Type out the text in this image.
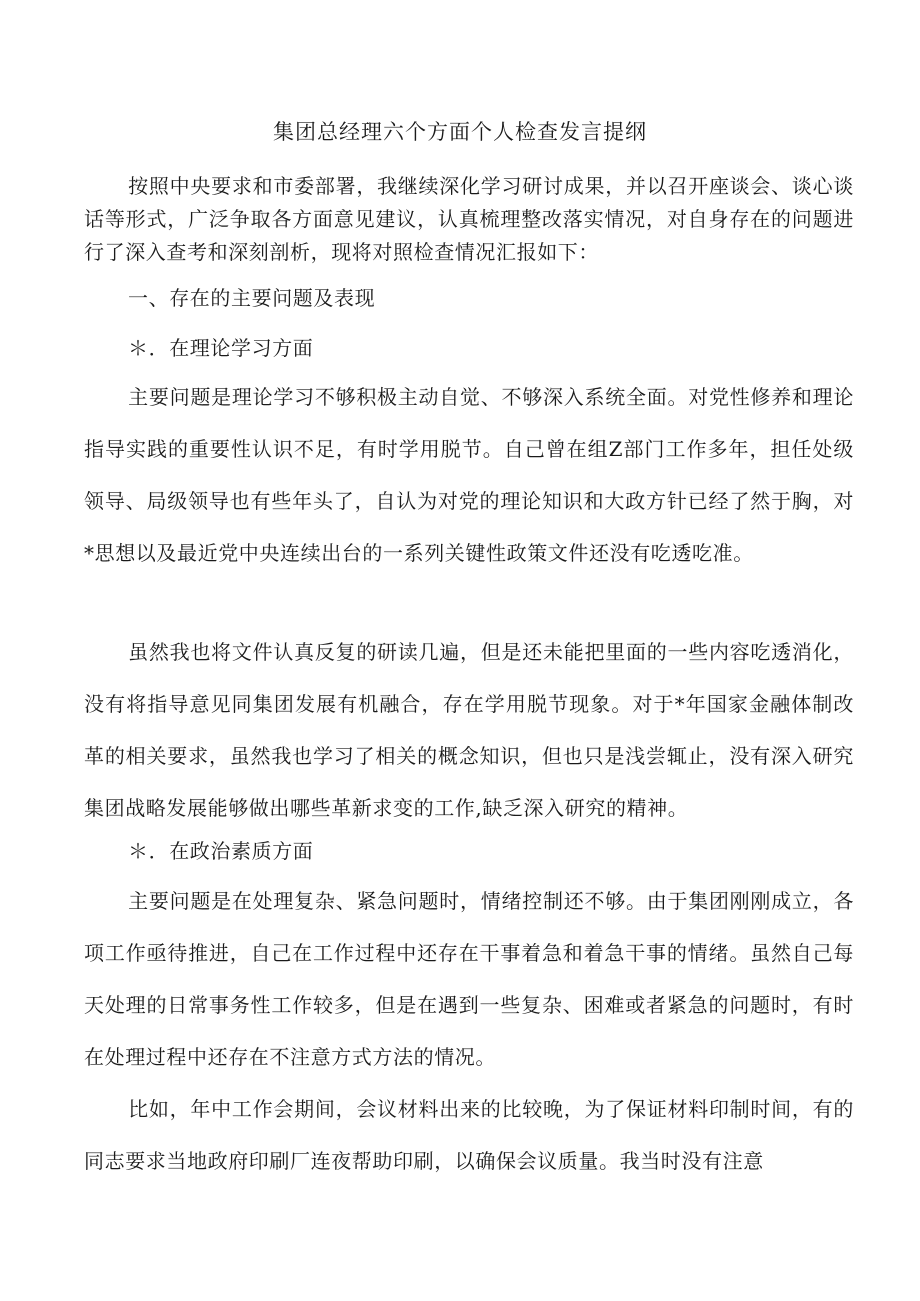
集团总经理六个方面个人检查发言提纲

按照中央要求和市委部署，我继续深化学习研讨成果，并以召开座谈会、谈心谈话等形式，广泛争取各方面意见建议，认真梳理整改落实情况，对自身存在的问题进行了深入查考和深刻剖析，现将对照检查情况汇报如下：

一、存在的主要问题及表现

＊．在理论学习方面

主要问题是理论学习不够积极主动自觉、不够深入系统全面。对党性修养和理论指导实践的重要性认识不足，有时学用脱节。自己曾在组Z部门工作多年，担任处级领导、局级领导也有些年头了，自认为对党的理论知识和大政方针已经了然于胸，对*思想以及最近党中央连续出台的一系列关键性政策文件还没有吃透吃准。

虽然我也将文件认真反复的研读几遍，但是还未能把里面的一些内容吃透消化，没有将指导意见同集团发展有机融合，存在学用脱节现象。对于*年国家金融体制改革的相关要求，虽然我也学习了相关的概念知识，但也只是浅尝辄止，没有深入研究集团战略发展能够做出哪些革新求变的工作,缺乏深入研究的精神。

＊．在政治素质方面

主要问题是在处理复杂、紧急问题时，情绪控制还不够。由于集团刚刚成立，各项工作亟待推进，自己在工作过程中还存在干事着急和着急干事的情绪。虽然自己每天处理的日常事务性工作较多，但是在遇到一些复杂、困难或者紧急的问题时，有时在处理过程中还存在不注意方式方法的情况。

比如，年中工作会期间，会议材料出来的比较晚，为了保证材料印制时间，有的同志要求当地政府印刷厂连夜帮助印刷，以确保会议质量。我当时没有注意
